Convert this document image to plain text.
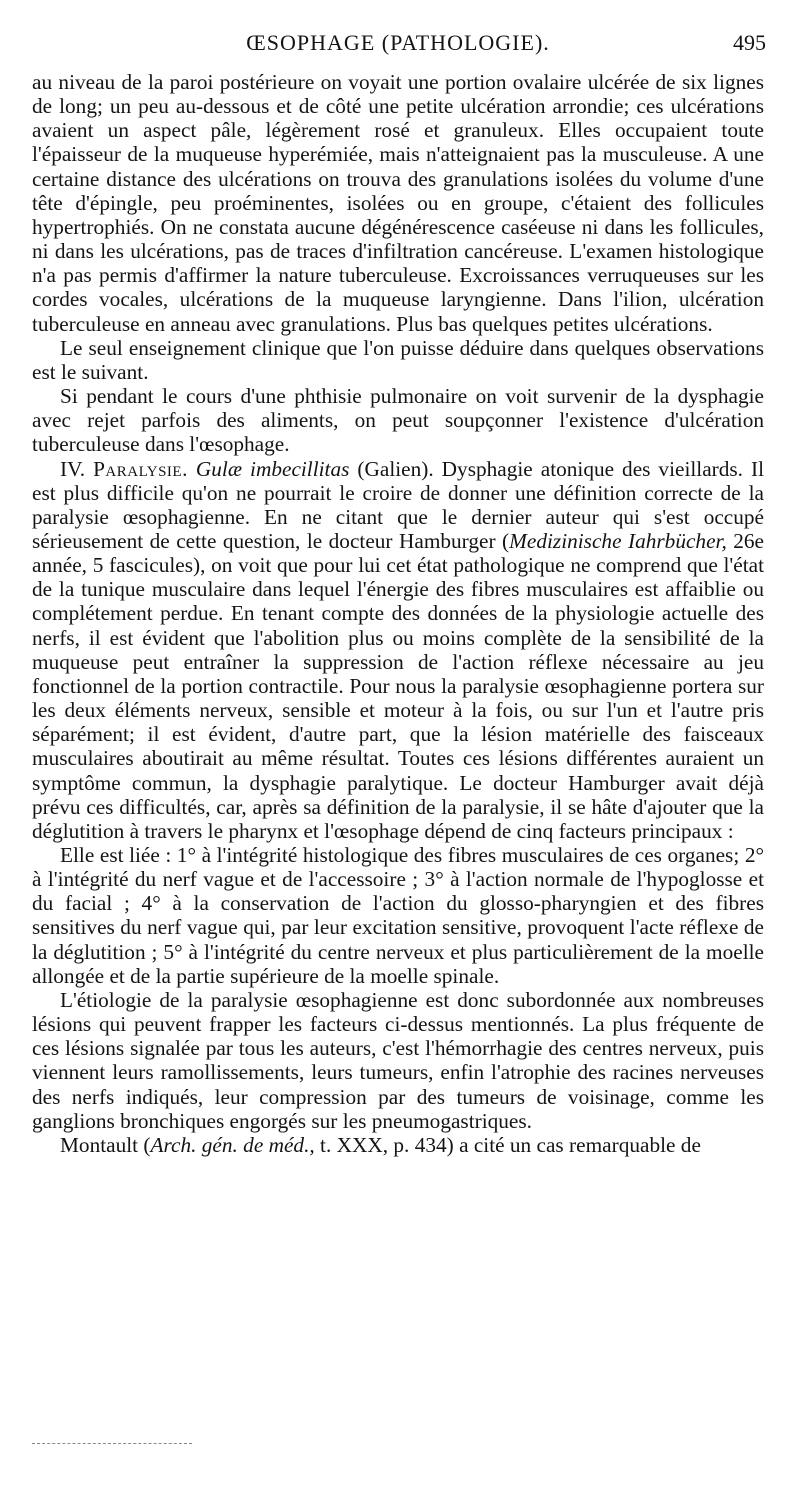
ŒSOPHAGE (PATHOLOGIE).	495

au niveau de la paroi postérieure on voyait une portion ovalaire ulcérée de six lignes de long; un peu au-dessous et de côté une petite ulcération arrondie; ces ulcérations avaient un aspect pâle, légèrement rosé et granuleux. Elles occupaient toute l'épaisseur de la muqueuse hyperémiée, mais n'atteignaient pas la musculeuse. A une certaine distance des ulcérations on trouva des granulations isolées du volume d'une tête d'épingle, peu proéminentes, isolées ou en groupe, c'étaient des follicules hypertrophiés. On ne constata aucune dégénérescence caséeuse ni dans les follicules, ni dans les ulcérations, pas de traces d'infiltration cancéreuse. L'examen histologique n'a pas permis d'affirmer la nature tuberculeuse. Excroissances verruqueuses sur les cordes vocales, ulcérations de la muqueuse laryngienne. Dans l'ilion, ulcération tuberculeuse en anneau avec granulations. Plus bas quelques petites ulcérations.

Le seul enseignement clinique que l'on puisse déduire dans quelques observations est le suivant.

Si pendant le cours d'une phthisie pulmonaire on voit survenir de la dysphagie avec rejet parfois des aliments, on peut soupçonner l'existence d'ulcération tuberculeuse dans l'œsophage.

IV. Paralysie. Gulæ imbecillitas (Galien). Dysphagie atonique des vieillards. Il est plus difficile qu'on ne pourrait le croire de donner une définition correcte de la paralysie œsophagienne. En ne citant que le dernier auteur qui s'est occupé sérieusement de cette question, le docteur Hamburger (Medizinische Iahrbücher, 26e année, 5 fascicules), on voit que pour lui cet état pathologique ne comprend que l'état de la tunique musculaire dans lequel l'énergie des fibres musculaires est affaiblie ou complétement perdue. En tenant compte des données de la physiologie actuelle des nerfs, il est évident que l'abolition plus ou moins complète de la sensibilité de la muqueuse peut entraîner la suppression de l'action réflexe nécessaire au jeu fonctionnel de la portion contractile. Pour nous la paralysie œsophagienne portera sur les deux éléments nerveux, sensible et moteur à la fois, ou sur l'un et l'autre pris séparément; il est évident, d'autre part, que la lésion matérielle des faisceaux musculaires aboutirait au même résultat. Toutes ces lésions différentes auraient un symptôme commun, la dysphagie paralytique. Le docteur Hamburger avait déjà prévu ces difficultés, car, après sa définition de la paralysie, il se hâte d'ajouter que la déglutition à travers le pharynx et l'œsophage dépend de cinq facteurs principaux :

Elle est liée : 1° à l'intégrité histologique des fibres musculaires de ces organes; 2° à l'intégrité du nerf vague et de l'accessoire ; 3° à l'action normale de l'hypoglosse et du facial ; 4° à la conservation de l'action du glosso-pharyngien et des fibres sensitives du nerf vague qui, par leur excitation sensitive, provoquent l'acte réflexe de la déglutition ; 5° à l'intégrité du centre nerveux et plus particulièrement de la moelle allongée et de la partie supérieure de la moelle spinale.

L'étiologie de la paralysie œsophagienne est donc subordonnée aux nombreuses lésions qui peuvent frapper les facteurs ci-dessus mentionnés. La plus fréquente de ces lésions signalée par tous les auteurs, c'est l'hémorrhagie des centres nerveux, puis viennent leurs ramollissements, leurs tumeurs, enfin l'atrophie des racines nerveuses des nerfs indiqués, leur compression par des tumeurs de voisinage, comme les ganglions bronchiques engorgés sur les pneumogastriques.

Montault (Arch. gén. de méd., t. XXX, p. 434) a cité un cas remarquable de
